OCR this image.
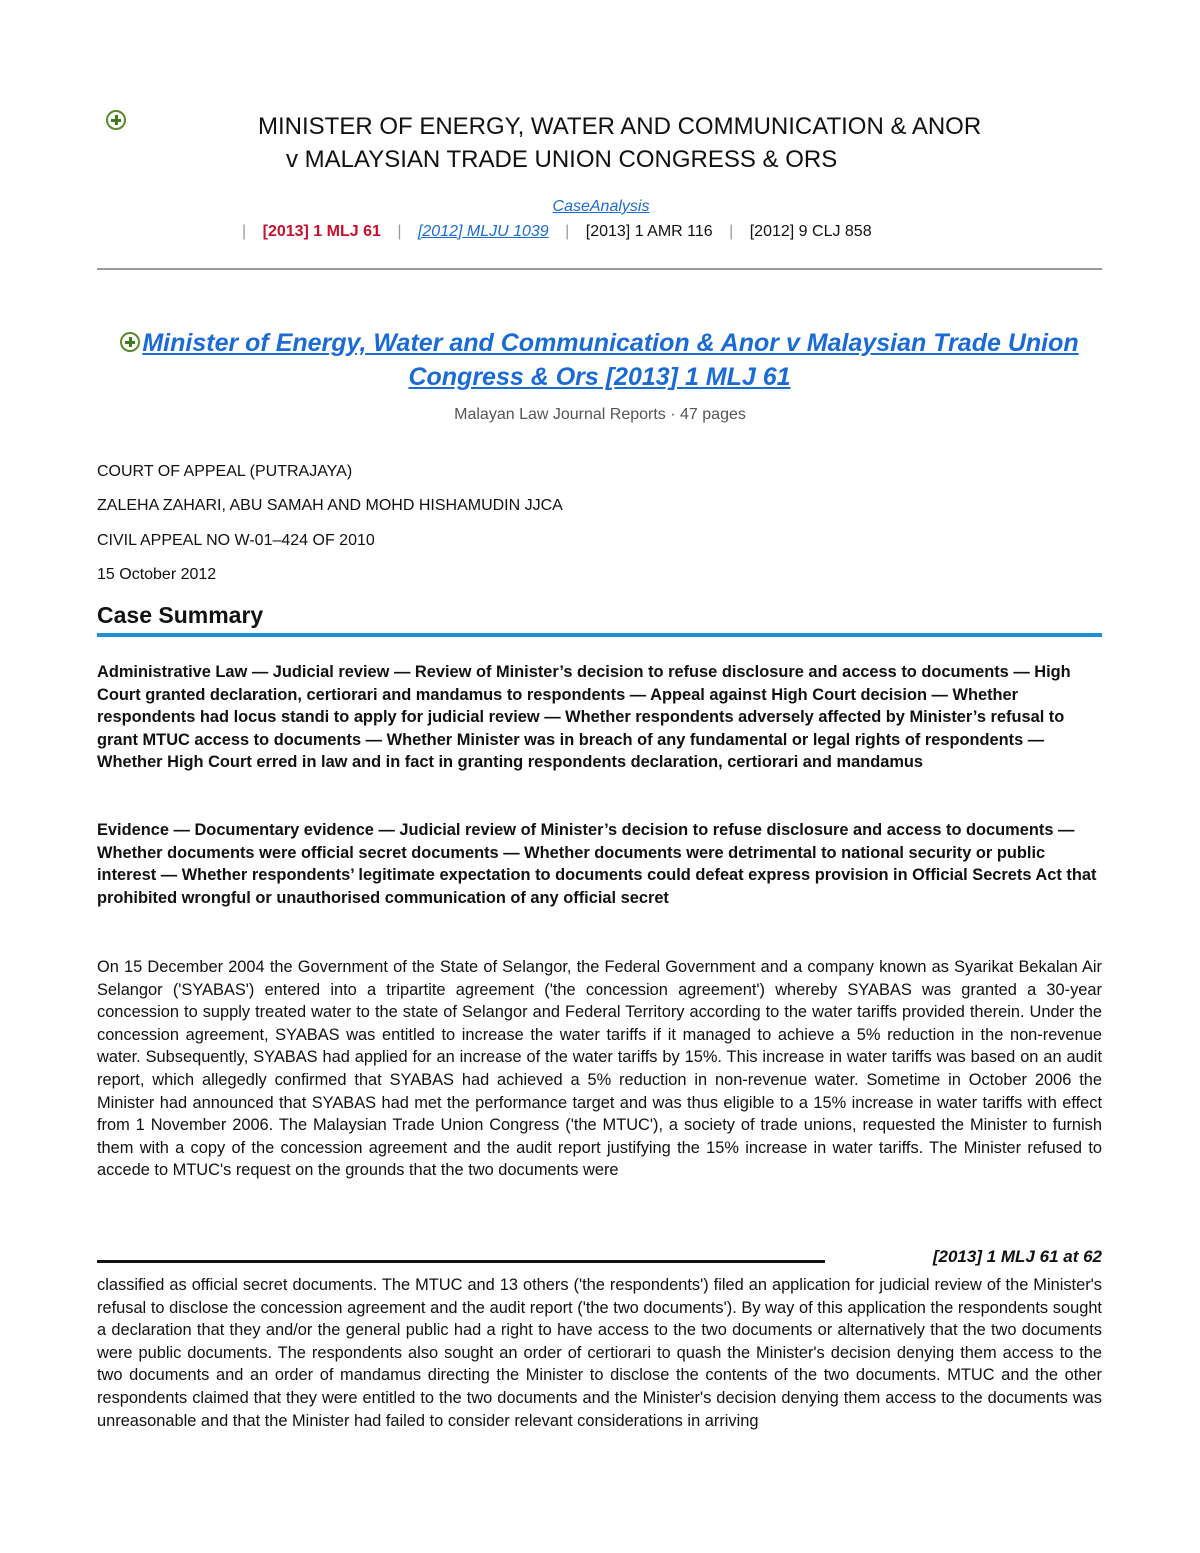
MINISTER OF ENERGY, WATER AND COMMUNICATION & ANOR
v MALAYSIAN TRADE UNION CONGRESS & ORS
CaseAnalysis
| [2013] 1 MLJ 61 | [2012] MLJU 1039 | [2013] 1 AMR 116 | [2012] 9 CLJ 858
Minister of Energy, Water and Communication & Anor v Malaysian Trade Union Congress & Ors [2013] 1 MLJ 61
Malayan Law Journal Reports · 47 pages
COURT OF APPEAL (PUTRAJAYA)
ZALEHA ZAHARI, ABU SAMAH AND MOHD HISHAMUDIN JJCA
CIVIL APPEAL NO W-01–424 OF 2010
15 October 2012
Case Summary
Administrative Law — Judicial review — Review of Minister’s decision to refuse disclosure and access to documents — High Court granted declaration, certiorari and mandamus to respondents — Appeal against High Court decision — Whether respondents had locus standi to apply for judicial review — Whether respondents adversely affected by Minister’s refusal to grant MTUC access to documents — Whether Minister was in breach of any fundamental or legal rights of respondents — Whether High Court erred in law and in fact in granting respondents declaration, certiorari and mandamus
Evidence — Documentary evidence — Judicial review of Minister’s decision to refuse disclosure and access to documents — Whether documents were official secret documents — Whether documents were detrimental to national security or public interest — Whether respondents’ legitimate expectation to documents could defeat express provision in Official Secrets Act that prohibited wrongful or unauthorised communication of any official secret
On 15 December 2004 the Government of the State of Selangor, the Federal Government and a company known as Syarikat Bekalan Air Selangor ('SYABAS') entered into a tripartite agreement ('the concession agreement') whereby SYABAS was granted a 30-year concession to supply treated water to the state of Selangor and Federal Territory according to the water tariffs provided therein. Under the concession agreement, SYABAS was entitled to increase the water tariffs if it managed to achieve a 5% reduction in the non-revenue water. Subsequently, SYABAS had applied for an increase of the water tariffs by 15%. This increase in water tariffs was based on an audit report, which allegedly confirmed that SYABAS had achieved a 5% reduction in non-revenue water. Sometime in October 2006 the Minister had announced that SYABAS had met the performance target and was thus eligible to a 15% increase in water tariffs with effect from 1 November 2006. The Malaysian Trade Union Congress ('the MTUC'), a society of trade unions, requested the Minister to furnish them with a copy of the concession agreement and the audit report justifying the 15% increase in water tariffs. The Minister refused to accede to MTUC's request on the grounds that the two documents were
[2013] 1 MLJ 61 at 62
classified as official secret documents. The MTUC and 13 others ('the respondents') filed an application for judicial review of the Minister's refusal to disclose the concession agreement and the audit report ('the two documents'). By way of this application the respondents sought a declaration that they and/or the general public had a right to have access to the two documents or alternatively that the two documents were public documents. The respondents also sought an order of certiorari to quash the Minister's decision denying them access to the two documents and an order of mandamus directing the Minister to disclose the contents of the two documents. MTUC and the other respondents claimed that they were entitled to the two documents and the Minister's decision denying them access to the documents was unreasonable and that the Minister had failed to consider relevant considerations in arriving
